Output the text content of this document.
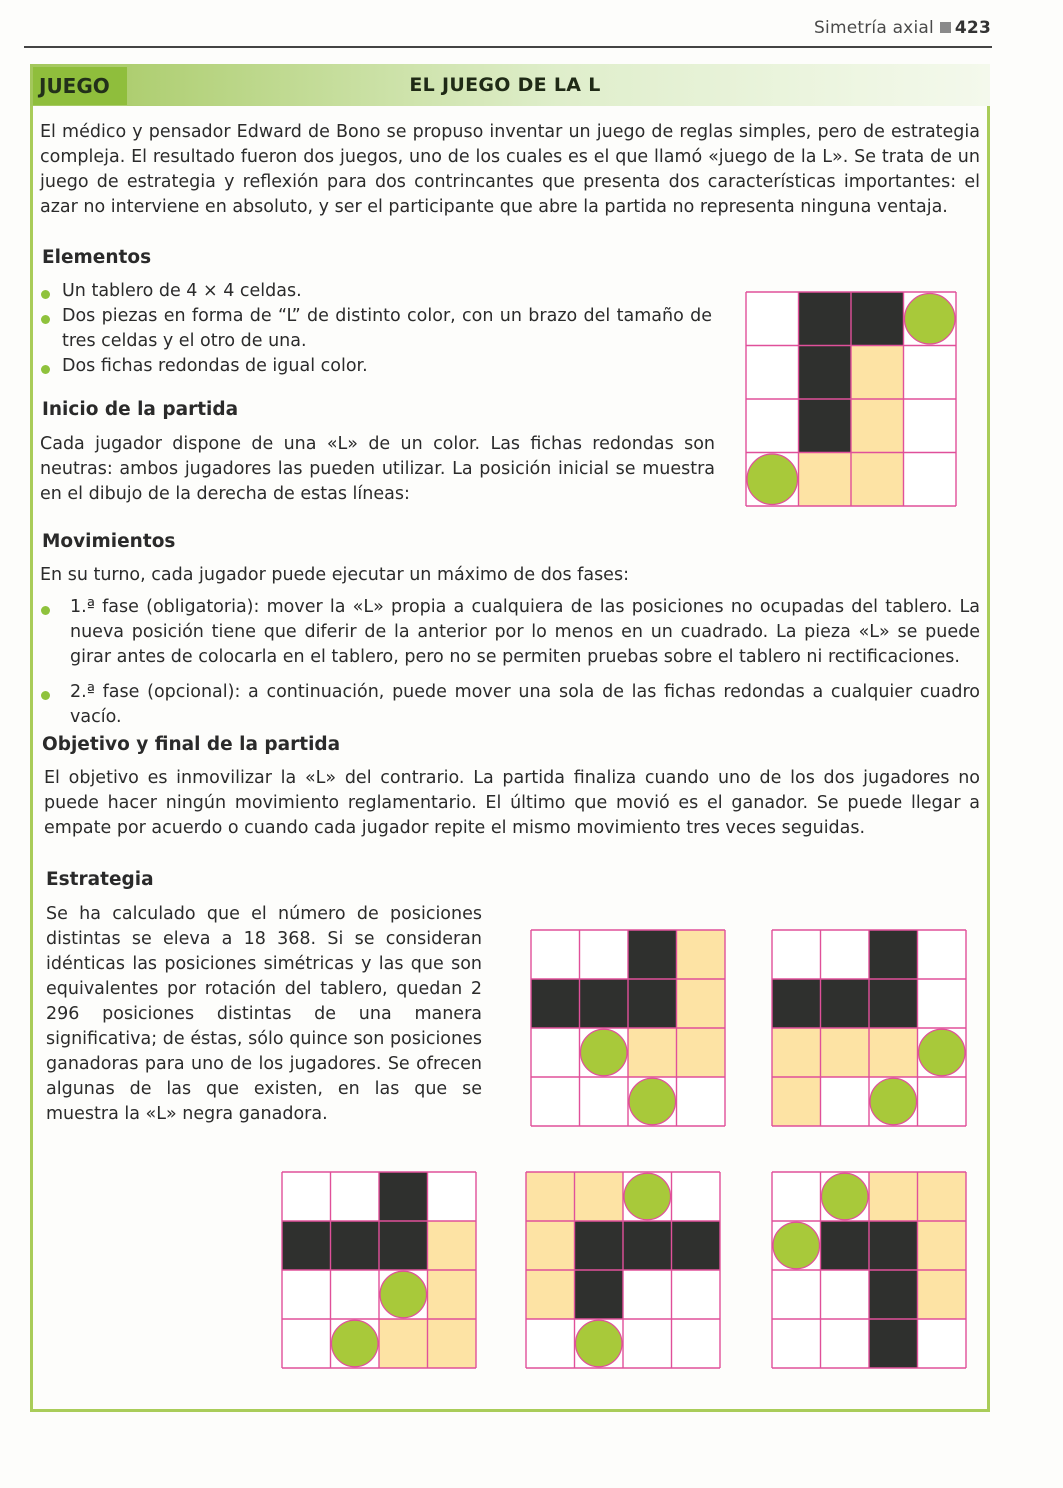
Simetría axial 423
JUEGO	EL JUEGO DE LA L
El médico y pensador Edward de Bono se propuso inventar un juego de reglas simples, pero de estrategia compleja. El resultado fueron dos juegos, uno de los cuales es el que llamó «juego de la L». Se trata de un juego de estrategia y reflexión para dos contrincantes que presenta dos características importantes: el azar no interviene en absoluto, y ser el participante que abre la partida no representa ninguna ventaja.
Elementos
Un tablero de 4 × 4 celdas.
Dos piezas en forma de “L” de distinto color, con un brazo del tamaño de tres celdas y el otro de una.
Dos fichas redondas de igual color.
Inicio de la partida
Cada jugador dispone de una «L» de un color. Las fichas redondas son neutras: ambos jugadores las pueden utilizar. La posición inicial se muestra en el dibujo de la derecha de estas líneas:
Movimientos
En su turno, cada jugador puede ejecutar un máximo de dos fases:
1.ª fase (obligatoria): mover la «L» propia a cualquiera de las posiciones no ocupadas del tablero. La nueva posición tiene que diferir de la anterior por lo menos en un cuadrado. La pieza «L» se puede girar antes de colocarla en el tablero, pero no se permiten pruebas sobre el tablero ni rectificaciones.
2.ª fase (opcional): a continuación, puede mover una sola de las fichas redondas a cualquier cuadro vacío.
Objetivo y final de la partida
El objetivo es inmovilizar la «L» del contrario. La partida finaliza cuando uno de los dos jugadores no puede hacer ningún movimiento reglamentario. El último que movió es el ganador. Se puede llegar a empate por acuerdo o cuando cada jugador repite el mismo movimiento tres veces seguidas.
Estrategia
Se ha calculado que el número de posiciones distintas se eleva a 18 368. Si se consideran idénticas las posiciones simétricas y las que son equivalentes por rotación del tablero, quedan 2 296 posiciones distintas de una manera significativa; de éstas, sólo quince son posiciones ganadoras para uno de los jugadores. Se ofrecen algunas de las que existen, en las que se muestra la «L» negra ganadora.
